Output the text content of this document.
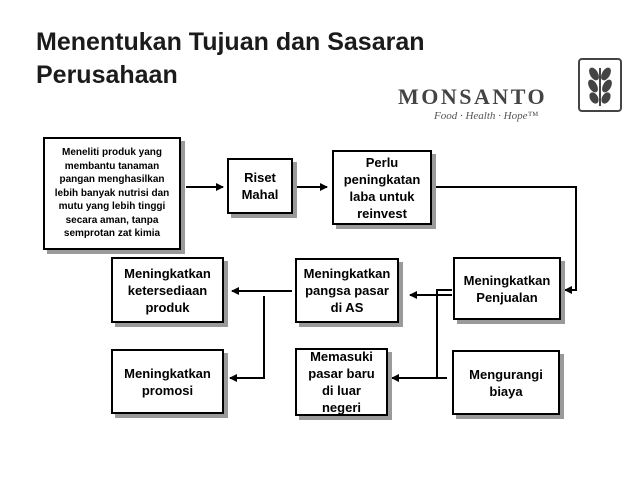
Menentukan Tujuan dan Sasaran Perusahaan
MONSANTO
Food · Health · Hope™
Meneliti produk yang membantu tanaman pangan menghasilkan lebih banyak nutrisi dan mutu yang lebih tinggi secara aman, tanpa semprotan zat kimia
Riset Mahal
Perlu peningkatan laba untuk reinvest
Meningkatkan Penjualan
Meningkatkan pangsa pasar di AS
Meningkatkan ketersediaan produk
Meningkatkan promosi
Memasuki pasar baru di luar negeri
Mengurangi biaya
